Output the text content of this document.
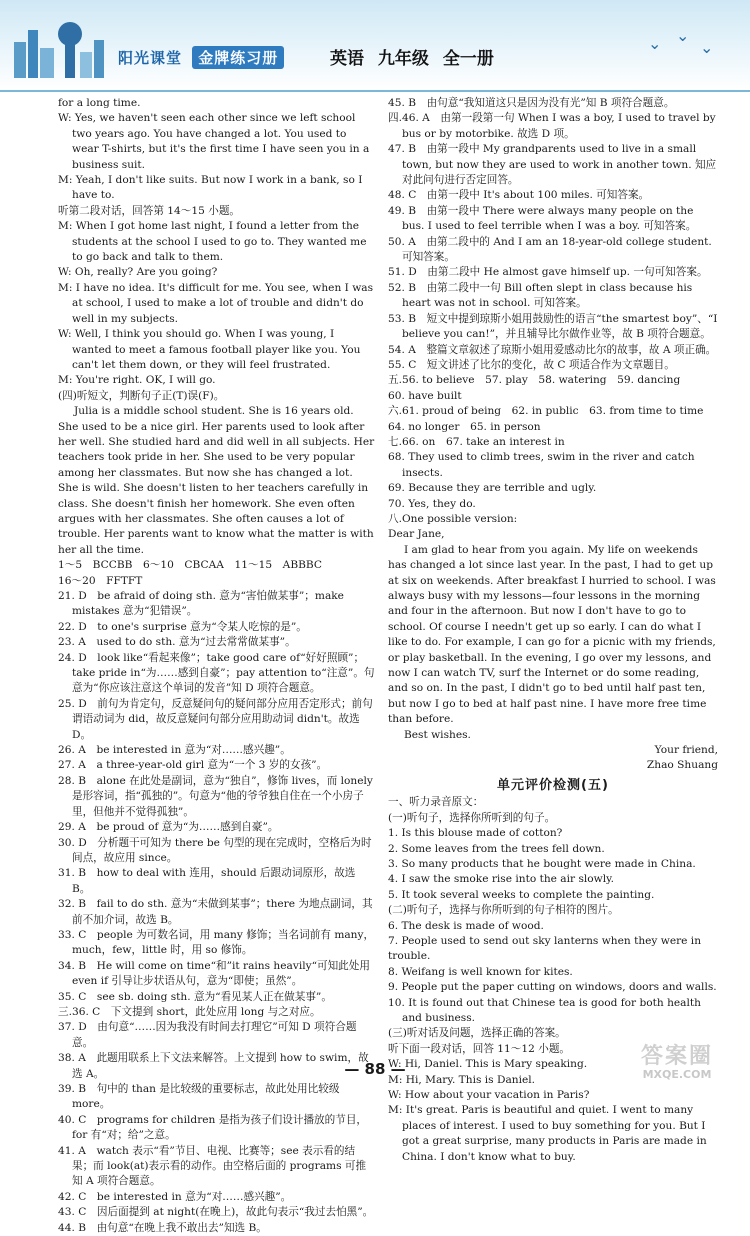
阳光课堂 金牌练习册	英语 九年级 全一册
⌄ ⌄
⌄

for a long time.

W: Yes, we haven't seen each other since we left school two years ago. You have changed a lot. You used to wear T-shirts, but it's the first time I have seen you in a business suit.

M: Yeah, I don't like suits. But now I work in a bank, so I have to.

听第二段对话，回答第 14～15 小题。

M: When I got home last night, I found a letter from the students at the school I used to go to. They wanted me to go back and talk to them.

W: Oh, really? Are you going?

M: I have no idea. It's difficult for me. You see, when I was at school, I used to make a lot of trouble and didn't do well in my subjects.

W: Well, I think you should go. When I was young, I wanted to meet a famous football player like you. You can't let them down, or they will feel frustrated.

M: You're right. OK, I will go.

(四)听短文，判断句子正(T)误(F)。

Julia is a middle school student. She is 16 years old. She used to be a nice girl. Her parents used to look after her well. She studied hard and did well in all subjects. Her teachers took pride in her. She used to be very popular among her classmates. But now she has changed a lot. She is wild. She doesn't listen to her teachers carefully in class. She doesn't finish her homework. She even often argues with her classmates. She often causes a lot of trouble. Her parents want to know what the matter is with her all the time.

1～5　BCCBB　6～10　CBCAA　11～15　ABBBC

16～20　FFTFT

21. D　be afraid of doing sth. 意为“害怕做某事”；make mistakes 意为“犯错误”。

22. D　to one's surprise 意为“令某人吃惊的是”。

23. A　used to do sth. 意为“过去常常做某事”。

24. D　look like“看起来像”；take good care of“好好照顾”；take pride in“为……感到自豪”；pay attention to“注意”。句意为“你应该注意这个单词的发音”知 D 项符合题意。

25. D　前句为肯定句，反意疑问句的疑问部分应用否定形式；前句谓语动词为 did，故反意疑问句部分应用助动词 didn't。故选 D。

26. A　be interested in 意为“对……感兴趣”。

27. A　a three-year-old girl 意为“一个 3 岁的女孩”。

28. B　alone 在此处是副词，意为“独自”，修饰 lives，而 lonely 是形容词，指“孤独的”。句意为“他的爷爷独自住在一个小房子里，但他并不觉得孤独”。

29. A　be proud of 意为“为……感到自豪”。

30. D　分析题干可知为 there be 句型的现在完成时，空格后为时间点，故应用 since。

31. B　how to deal with 连用，should 后跟动词原形，故选 B。

32. B　fail to do sth. 意为“未做到某事”；there 为地点副词，其前不加介词，故选 B。

33. C　people 为可数名词，用 many 修饰；当名词前有 many，much，few，little 时，用 so 修饰。

34. B　He will come on time“和”it rains heavily“可知此处用 even if 引导让步状语从句，意为“即使；虽然”。

35. C　see sb. doing sth. 意为“看见某人正在做某事”。

三.36. C　下文提到 short，此处应用 long 与之对应。

37. D　由句意“……因为我没有时间去打理它”可知 D 项符合题意。

38. A　此题用联系上下文法来解答。上文提到 how to swim，故选 A。

39. B　句中的 than 是比较级的重要标志，故此处用比较级 more。

40. C　programs for children 是指为孩子们设计播放的节目，for 有“对；给”之意。

41. A　watch 表示“看”节目、电视、比赛等；see 表示看的结果；而 look(at)表示看的动作。由空格后面的 programs 可推知 A 项符合题意。

42. C　be interested in 意为“对……感兴趣”。

43. C　因后面提到 at night(在晚上)，故此句表示“我过去怕黑”。

44. B　由句意“在晚上我不敢出去”知选 B。

45. B　由句意“我知道这只是因为没有光”知 B 项符合题意。

四.46. A　由第一段第一句 When I was a boy, I used to travel by bus or by motorbike. 故选 D 项。

47. B　由第一段中 My grandparents used to live in a small town, but now they are used to work in another town. 知应对此问句进行否定回答。

48. C　由第一段中 It's about 100 miles. 可知答案。

49. B　由第一段中 There were always many people on the bus. I used to feel terrible when I was a boy. 可知答案。

50. A　由第二段中的 And I am an 18-year-old college student. 可知答案。

51. D　由第二段中 He almost gave himself up. 一句可知答案。

52. B　由第二段中一句 Bill often slept in class because his heart was not in school. 可知答案。

53. B　短文中提到琼斯小姐用鼓励性的语言“the smartest boy”、“I believe you can!”，并且辅导比尔做作业等，故 B 项符合题意。

54. A　整篇文章叙述了琼斯小姐用爱感动比尔的故事，故 A 项正确。

55. C　短文讲述了比尔的变化，故 C 项适合作为文章题目。

五.56. to believe　57. play　58. watering　59. dancing

60. have built

六.61. proud of being　62. in public　63. from time to time

64. no longer　65. in person

七.66. on　67. take an interest in

68. They used to climb trees, swim in the river and catch insects.

69. Because they are terrible and ugly.

70. Yes, they do.

八.One possible version:

Dear Jane,

I am glad to hear from you again. My life on weekends has changed a lot since last year. In the past, I had to get up at six on weekends. After breakfast I hurried to school. I was always busy with my lessons—four lessons in the morning and four in the afternoon. But now I don't have to go to school. Of course I needn't get up so early. I can do what I like to do. For example, I can go for a picnic with my friends, or play basketball. In the evening, I go over my lessons, and now I can watch TV, surf the Internet or do some reading, and so on. In the past, I didn't go to bed until half past ten, but now I go to bed at half past nine. I have more free time than before.

Best wishes.

Your friend,

Zhao Shuang

单元评价检测(五)

一、听力录音原文：

(一)听句子，选择你所听到的句子。

1. Is this blouse made of cotton?

2. Some leaves from the trees fell down.

3. So many products that he bought were made in China.

4. I saw the smoke rise into the air slowly.

5. It took several weeks to complete the painting.

(二)听句子，选择与你所听到的句子相符的图片。

6. The desk is made of wood.

7. People used to send out sky lanterns when they were in trouble.

8. Weifang is well known for kites.

9. People put the paper cutting on windows, doors and walls.

10. It is found out that Chinese tea is good for both health and business.

(三)听对话及问题，选择正确的答案。

听下面一段对话，回答 11～12 小题。

W: Hi, Daniel. This is Mary speaking.

M: Hi, Mary. This is Daniel.

W: How about your vacation in Paris?

M: It's great. Paris is beautiful and quiet. I went to many places of interest. I used to buy something for you. But I got a great surprise, many products in Paris are made in China. I don't know what to buy.

— 88 —	答案圈
MXQE.COM
